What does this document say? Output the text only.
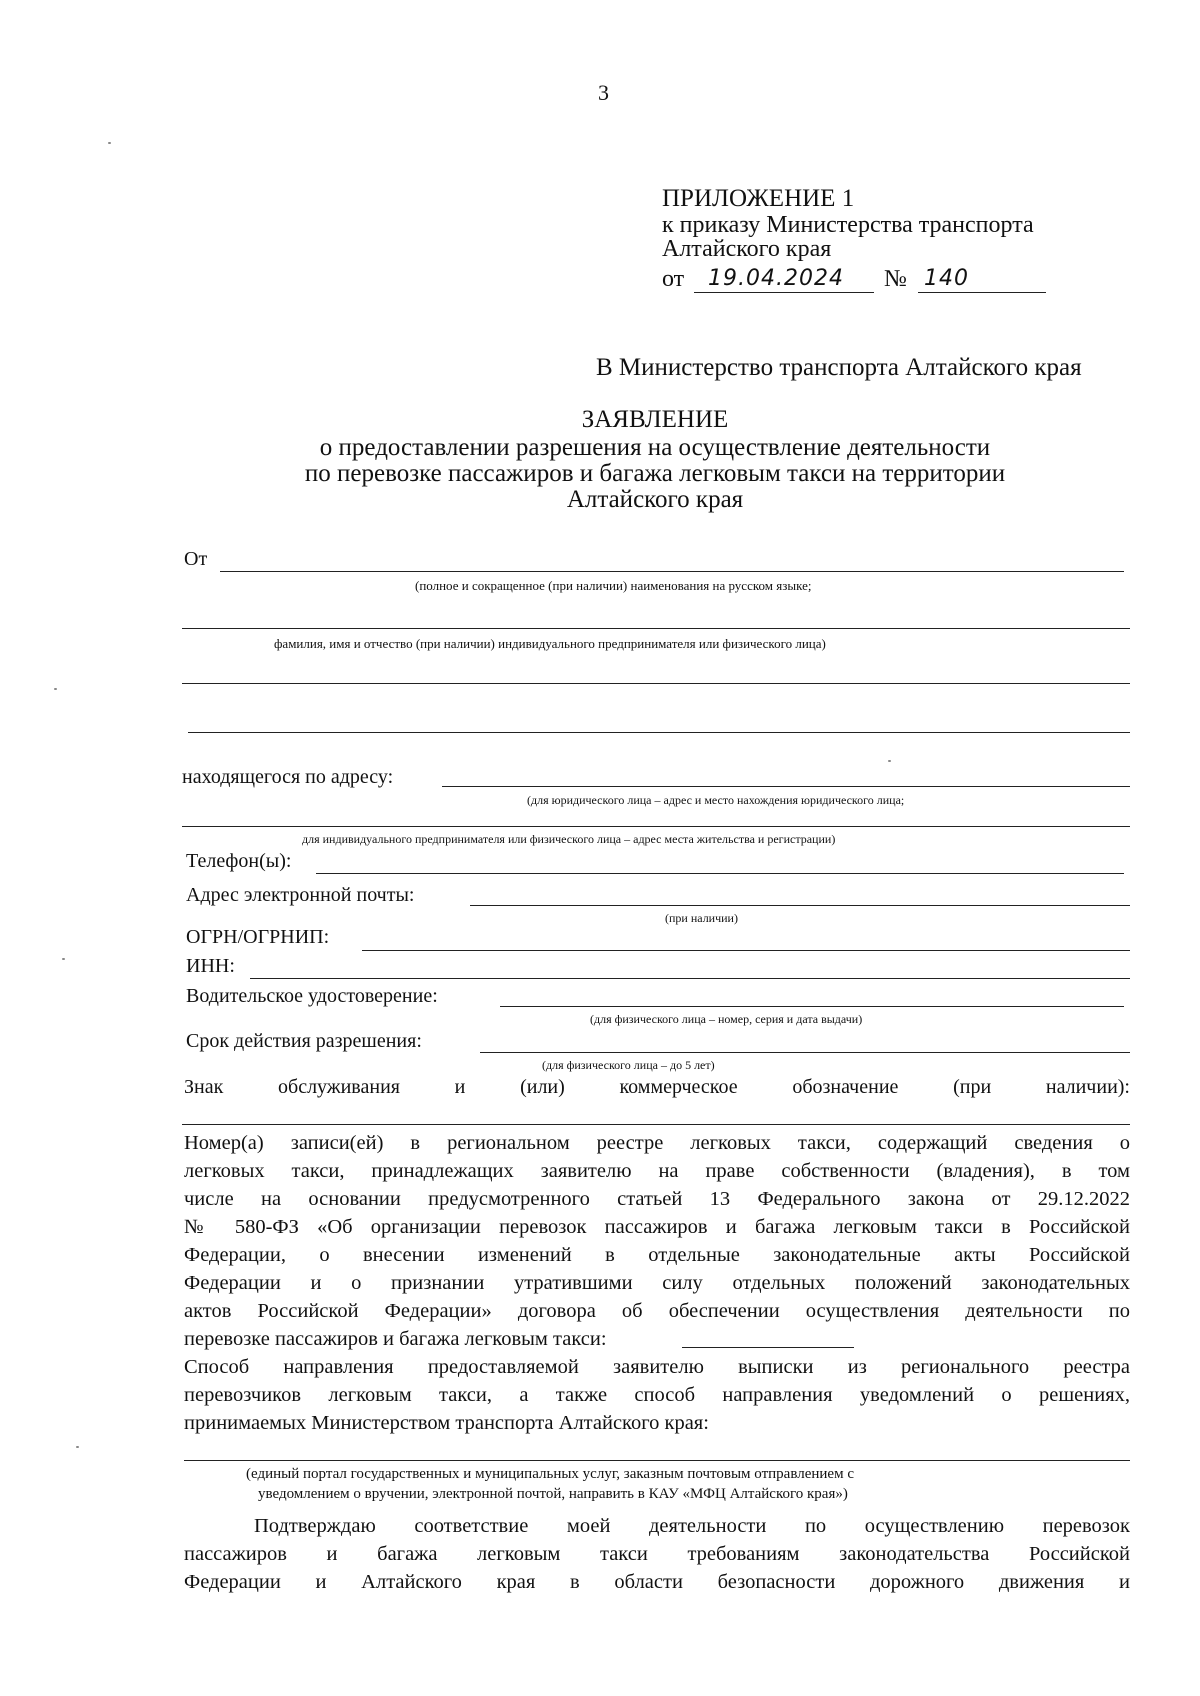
3
ПРИЛОЖЕНИЕ 1
к приказу Министерства транспорта
Алтайского края
от 19.04.2024 № 140
В Министерство транспорта Алтайского края
ЗАЯВЛЕНИЕ
о предоставлении разрешения на осуществление деятельности
по перевозке пассажиров и багажа легковым такси на территории
Алтайского края
От
(полное и сокращенное (при наличии) наименования на русском языке;
фамилия, имя и отчество (при наличии) индивидуального предпринимателя или физического лица)
находящегося по адресу:
(для юридического лица – адрес и место нахождения юридического лица;
для индивидуального предпринимателя или физического лица – адрес места жительства и регистрации)
Телефон(ы):
Адрес электронной почты:
(при наличии)
ОГРН/ОГРНИП:
ИНН:
Водительское удостоверение:
(для физического лица – номер, серия и дата выдачи)
Срок действия разрешения:
(для физического лица – до 5 лет)
Знак обслуживания и (или) коммерческое обозначение (при наличии):
Номер(а) записи(ей) в региональном реестре легковых такси, содержащий сведения о
легковых такси, принадлежащих заявителю на праве собственности (владения), в том
числе на основании предусмотренного статьей 13 Федерального закона от 29.12.2022
№ 580-ФЗ «Об организации перевозок пассажиров и багажа легковым такси в Российской
Федерации, о внесении изменений в отдельные законодательные акты Российской
Федерации и о признании утратившими силу отдельных положений законодательных
актов Российской Федерации» договора об обеспечении осуществления деятельности по
перевозке пассажиров и багажа легковым такси:
Способ направления предоставляемой заявителю выписки из регионального реестра
перевозчиков легковым такси, а также способ направления уведомлений о решениях,
принимаемых Министерством транспорта Алтайского края:
(единый портал государственных и муниципальных услуг, заказным почтовым отправлением с
уведомлением о вручении, электронной почтой, направить в КАУ «МФЦ Алтайского края»)
Подтверждаю соответствие моей деятельности по осуществлению перевозок
пассажиров и багажа легковым такси требованиям законодательства Российской
Федерации и Алтайского края в области безопасности дорожного движения и
